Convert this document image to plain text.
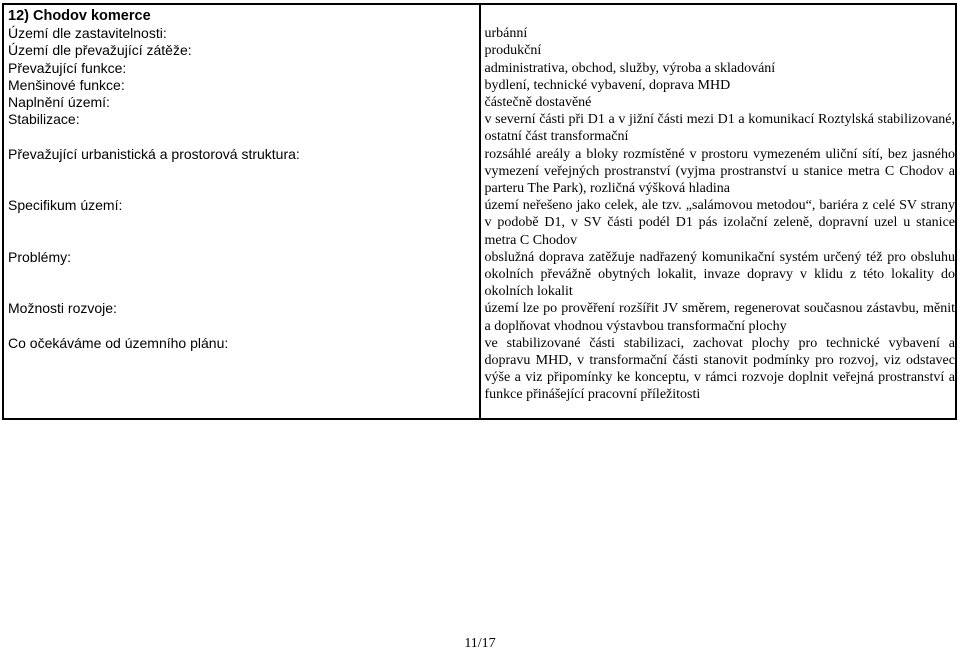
12) Chodov komerce	
Území dle zastavitelnosti:	urbánní
Území dle převažující zátěže:	produkční
Převažující funkce:	administrativa, obchod, služby, výroba a skladování
Menšinové funkce:	bydlení, technické vybavení, doprava MHD
Naplnění území:	částečně dostavěné
Stabilizace:	v severní části při D1 a v jižní části mezi D1 a komunikací Roztylská stabilizované, ostatní část transformační
Převažující urbanistická a prostorová struktura:	rozsáhlé areály a bloky rozmístěné v prostoru vymezeném uliční sítí, bez jasného vymezení veřejných prostranství (vyjma prostranství u stanice metra C Chodov a parteru The Park), rozličná výšková hladina
Specifikum území:	území neřešeno jako celek, ale tzv. „salámovou metodou“, bariéra z celé SV strany v podobě D1, v SV části podél D1 pás izolační zeleně, dopravní uzel u stanice metra C Chodov
Problémy:	obslužná doprava zatěžuje nadřazený komunikační systém určený též pro obsluhu okolních převážně obytných lokalit, invaze dopravy v klidu z této lokality do okolních lokalit
Možnosti rozvoje:	území lze po prověření rozšířit JV směrem, regenerovat současnou zástavbu, měnit a doplňovat vhodnou výstavbou transformační plochy
Co očekáváme od územního plánu:	ve stabilizované části stabilizaci, zachovat plochy pro technické vybavení a dopravu MHD, v transformační části stanovit podmínky pro rozvoj, viz odstavec výše a viz připomínky ke konceptu, v rámci rozvoje doplnit veřejná prostranství a funkce přinášející pracovní příležitosti
11/17
